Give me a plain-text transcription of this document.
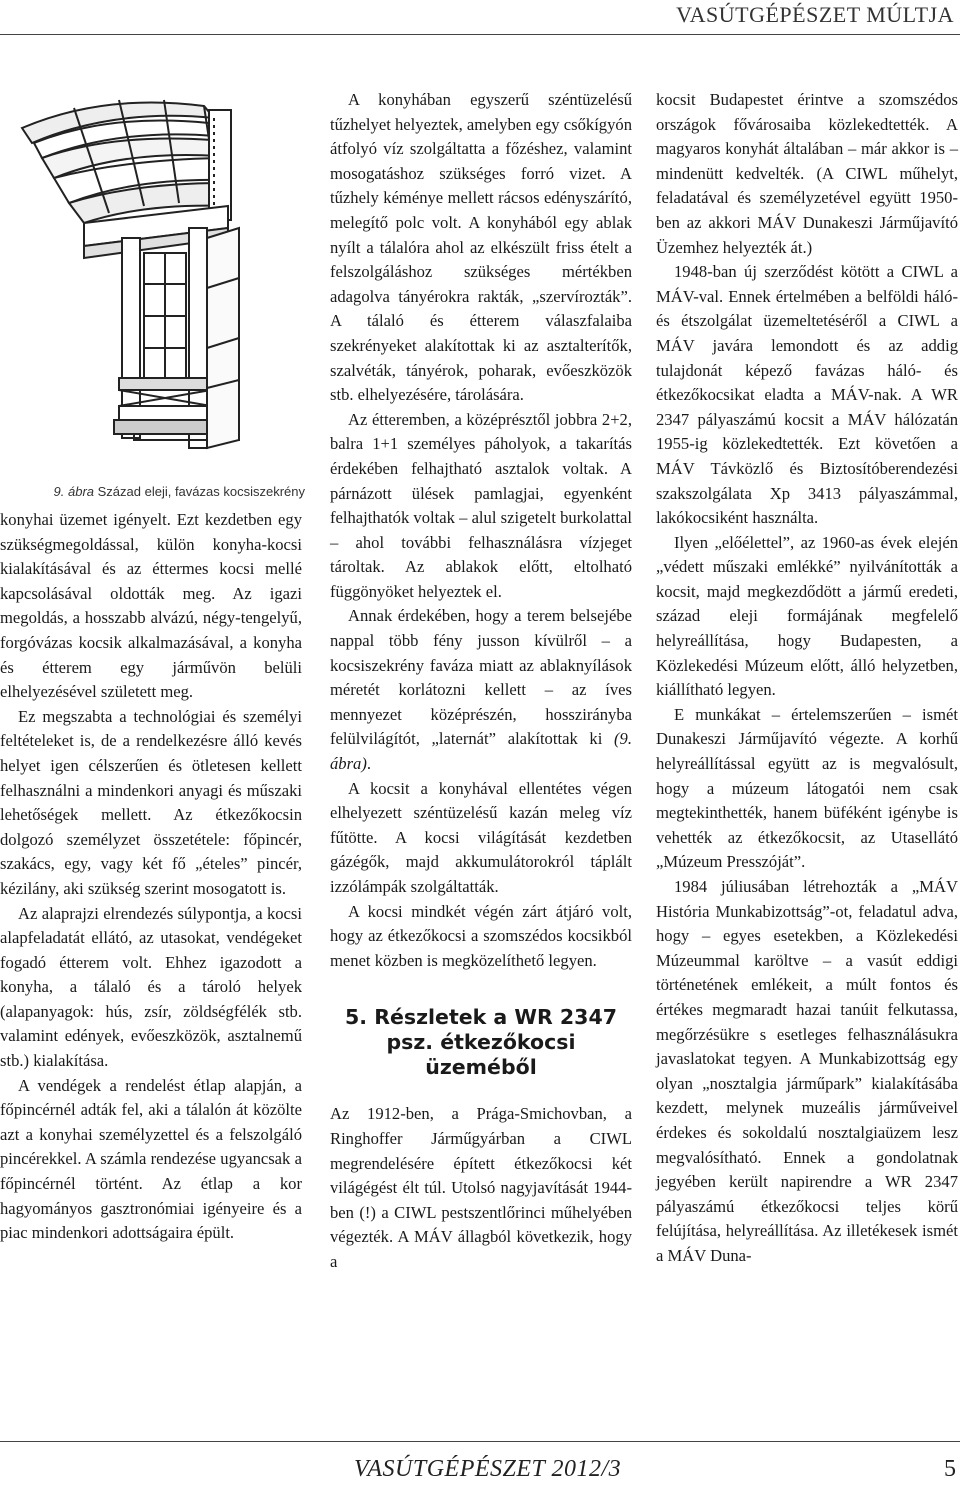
VASÚTGÉPÉSZET MÚLTJA
9. ábra Század eleji, favázas kocsiszekrény

konyhai üzemet igényelt. Ezt kezdetben egy szükségmegoldással, külön konyha-kocsi kialakításával és az éttermes kocsi mellé kapcsolásával oldották meg. Az igazi megoldás, a hosszabb alvázú, négy-tengelyű, forgóvázas kocsik alkalmazásával, a konyha és étterem egy járművön belüli elhelyezésével született meg.

Ez megszabta a technológiai és személyi feltételeket is, de a rendelkezésre álló kevés helyet igen célszerűen és ötletesen kellett felhasználni a mindenkori anyagi és műszaki lehetőségek mellett. Az étkezőkocsin dolgozó személyzet összetétele: főpincér, szakács, egy, vagy két fő „ételes” pincér, kézilány, aki szükség szerint mosogatott is.

Az alaprajzi elrendezés súlypontja, a kocsi alapfeladatát ellátó, az utasokat, vendégeket fogadó étterem volt. Ehhez igazodott a konyha, a tálaló és a tároló helyek (alapanyagok: hús, zsír, zöldségfélék stb. valamint edények, evőeszközök, asztalnemű stb.) kialakítása.

A vendégek a rendelést étlap alapján, a főpincérnél adták fel, aki a tálalón át közölte azt a konyhai személyzettel és a felszolgáló pincérekkel. A számla rendezése ugyancsak a főpincérnél történt. Az étlap a kor hagyományos gasztronómiai igényeire és a piac mindenkori adottságaira épült.

A konyhában egyszerű széntüzelésű tűzhelyet helyeztek, amelyben egy csőkígyón átfolyó víz szolgáltatta a főzéshez, valamint mosogatáshoz szükséges forró vizet. A tűzhely kéménye mellett rácsos edényszárító, melegítő polc volt. A konyhából egy ablak nyílt a tálalóra ahol az elkészült friss ételt a felszolgáláshoz szükséges mértékben adagolva tányérokra rakták, „szervírozták”. A tálaló és étterem válaszfalaiba szekrényeket alakítottak ki az asztalterítők, szalvéták, tányérok, poharak, evőeszközök stb. elhelyezésére, tárolására.

Az étteremben, a középrésztől jobbra 2+2, balra 1+1 személyes páholyok, a takarítás érdekében felhajtható asztalok voltak. A párnázott ülések pamlagjai, egyenként felhajthatók voltak – alul szigetelt burkolattal – ahol további felhasználásra vízjeget tároltak. Az ablakok előtt, eltolható függönyöket helyeztek el.

Annak érdekében, hogy a terem belsejébe nappal több fény jusson kívülről – a kocsiszekrény faváza miatt az ablaknyílások méretét korlátozni kellett – az íves mennyezet középrészén, hosszirányba felülvilágítót, „laternát” alakítottak ki (9. ábra).

A kocsit a konyhával ellentétes végen elhelyezett széntüzelésű kazán meleg víz fűtötte. A kocsi világítását kezdetben gázégők, majd akkumulátorokról táplált izzólámpák szolgáltatták.

A kocsi mindkét végén zárt átjáró volt, hogy az étkezőkocsi a szomszédos kocsikból menet közben is megközelíthető legyen.

5. Részletek a WR 2347 psz. étkezőkocsi üzeméből

Az 1912-ben, a Prága-Smichovban, a Ringhoffer Járműgyárban a CIWL megrendelésére épített étkezőkocsi két világégést élt túl. Utolsó nagyjavítását 1944-ben (!) a CIWL pestszentlőrinci műhelyében végezték. A MÁV állagból következik, hogy a

kocsit Budapestet érintve a szomszédos országok fővárosaiba közlekedtették. A magyaros konyhát általában – már akkor is – mindenütt kedvelték. (A CIWL műhelyt, feladatával és személyzetével együtt 1950-ben az akkori MÁV Dunakeszi Járműjavító Üzemhez helyezték át.)

1948-ban új szerződést kötött a CIWL a MÁV-val. Ennek értelmében a belföldi háló- és étszolgálat üzemeltetéséről a CIWL a MÁV javára lemondott és az addig tulajdonát képező favázas háló- és étkezőkocsikat eladta a MÁV-nak. A WR 2347 pályaszámú kocsit a MÁV hálózatán 1955-ig közlekedtették. Ezt követően a MÁV Távközlő és Biztosítóberendezési szakszolgálata Xp 3413 pályaszámmal, lakókocsiként használta.

Ilyen „előélettel”, az 1960-as évek elején „védett műszaki emlékké” nyilvánították a kocsit, majd megkezdődött a jármű eredeti, század eleji formájának megfelelő helyreállítása, hogy Budapesten, a Közlekedési Múzeum előtt, álló helyzetben, kiállítható legyen.

E munkákat – értelemszerűen – ismét Dunakeszi Járműjavító végezte. A korhű helyreállítással együtt az is megvalósult, hogy a múzeum látogatói nem csak megtekinthették, hanem büféként igénybe is vehették az étkezőkocsit, az Utasellátó „Múzeum Presszóját”.

1984 júliusában létrehozták a „MÁV História Munkabizottság”-ot, feladatul adva, hogy – egyes esetekben, a Közlekedési Múzeummal karöltve – a vasút eddigi történetének emlékeit, a múlt fontos és értékes megmaradt hazai tanúit felkutassa, megőrzésükre s esetleges felhasználásukra javaslatokat tegyen. A Munkabizottság egy olyan „nosztalgia járműpark” kialakításába kezdett, melynek muzeális járműveivel érdekes és sokoldalú nosztalgiaüzem lesz megvalósítható. Ennek a gondolatnak jegyében került napirendre a WR 2347 pályaszámú étkezőkocsi teljes körű felújítása, helyreállítása. Az illetékesek ismét a MÁV Duna-

VASÚTGÉPÉSZET 2012/3	5
